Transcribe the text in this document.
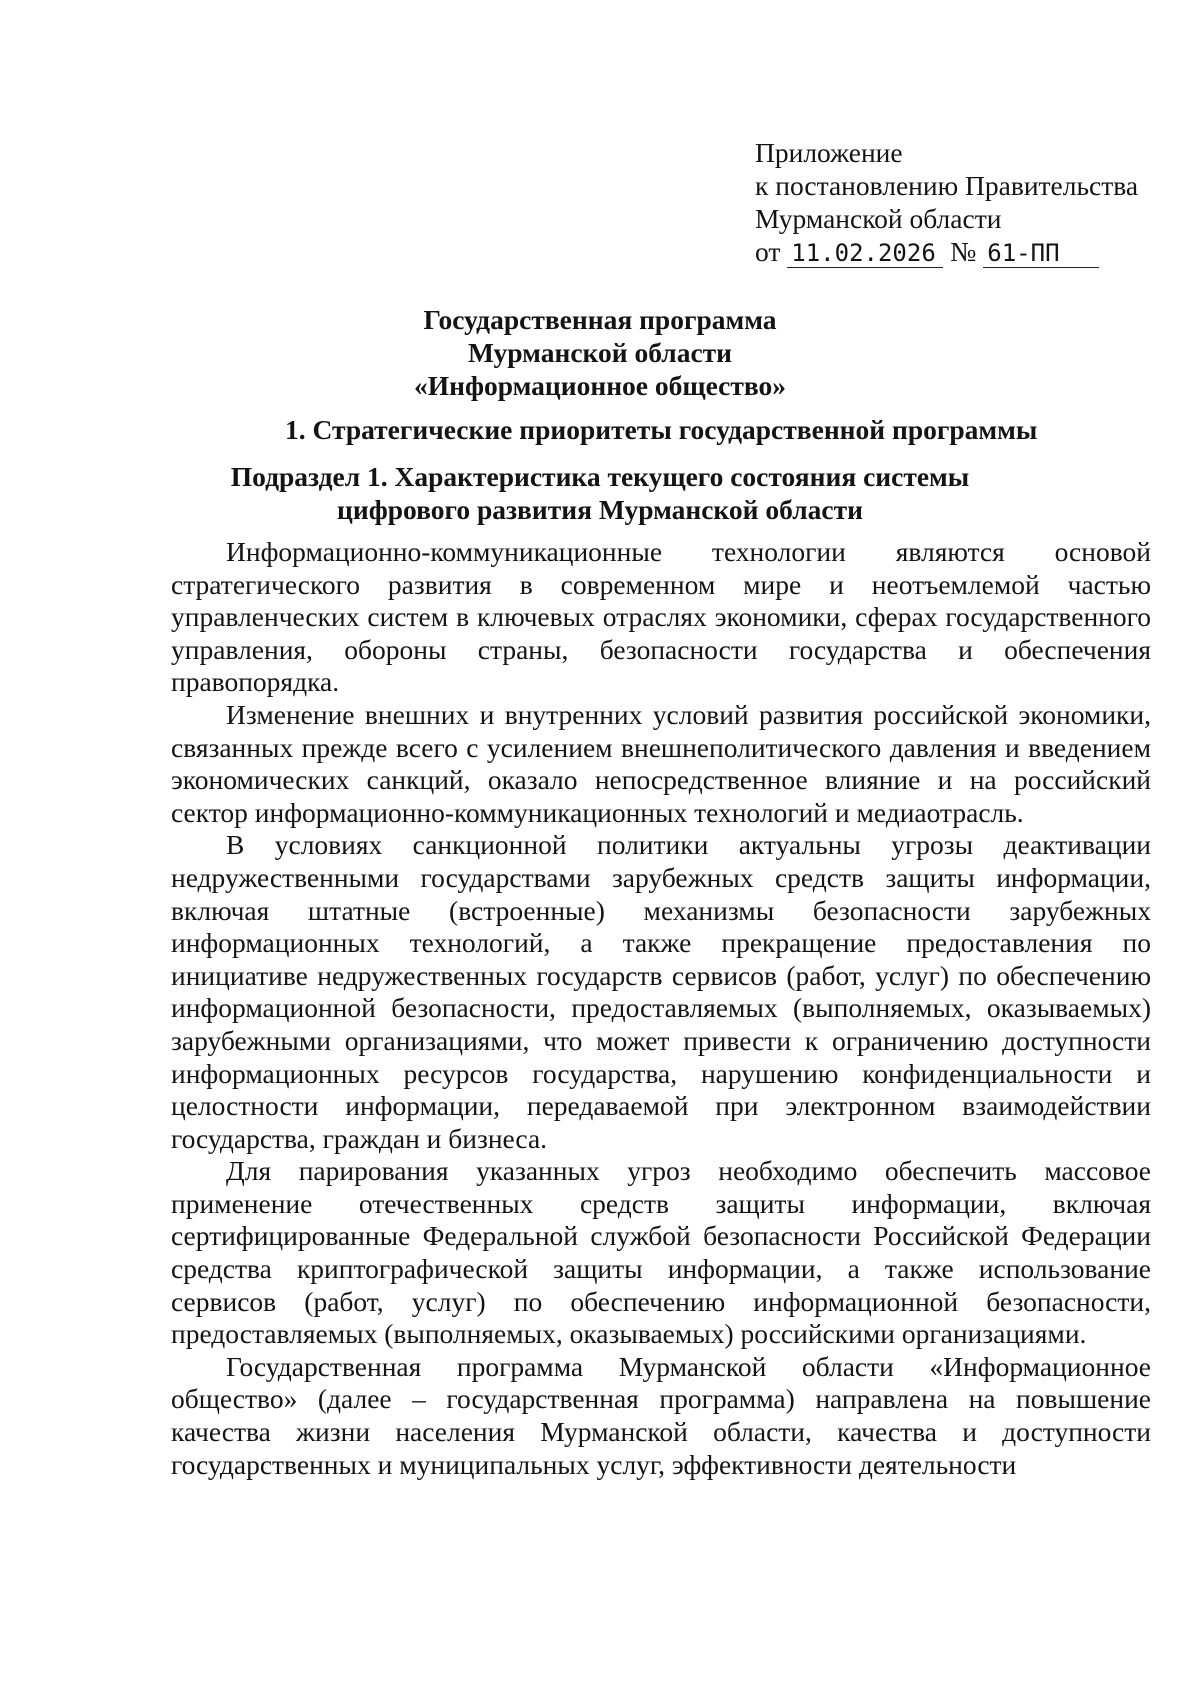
Приложение
к постановлению Правительства
Мурманской области
от 11.02.2026 № 61-ПП
Государственная программа
Мурманской области
«Информационное общество»
1. Стратегические приоритеты государственной программы
Подраздел 1. Характеристика текущего состояния системы
цифрового развития Мурманской области

Информационно-коммуникационные технологии являются основой стратегического развития в современном мире и неотъемлемой частью управленческих систем в ключевых отраслях экономики, сферах государственного управления, обороны страны, безопасности государства и обеспечения правопорядка.

Изменение внешних и внутренних условий развития российской экономики, связанных прежде всего с усилением внешнеполитического давления и введением экономических санкций, оказало непосредственное влияние и на российский сектор информационно-коммуникационных технологий и медиаотрасль.

В условиях санкционной политики актуальны угрозы деактивации недружественными государствами зарубежных средств защиты информации, включая штатные (встроенные) механизмы безопасности зарубежных информационных технологий, а также прекращение предоставления по инициативе недружественных государств сервисов (работ, услуг) по обеспечению информационной безопасности, предоставляемых (выполняемых, оказываемых) зарубежными организациями, что может привести к ограничению доступности информационных ресурсов государства, нарушению конфиденциальности и целостности информации, передаваемой при электронном взаимодействии государства, граждан и бизнеса.

Для парирования указанных угроз необходимо обеспечить массовое применение отечественных средств защиты информации, включая сертифицированные Федеральной службой безопасности Российской Федерации средства криптографической защиты информации, а также использование сервисов (работ, услуг) по обеспечению информационной безопасности, предоставляемых (выполняемых, оказываемых) российскими организациями.

Государственная программа Мурманской области «Информационное общество» (далее – государственная программа) направлена на повышение качества жизни населения Мурманской области, качества и доступности государственных и муниципальных услуг, эффективности деятельности
